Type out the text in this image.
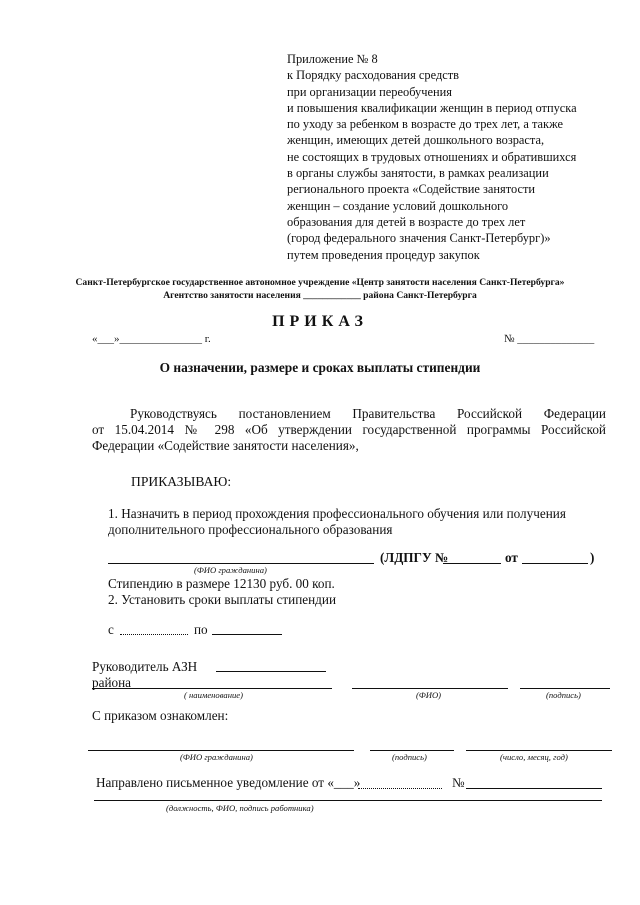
Приложение № 8
к Порядку расходования средств
при организации переобучения
и повышения квалификации женщин в период отпуска
по уходу за ребенком в возрасте до трех лет, а также
женщин, имеющих детей дошкольного возраста,
не состоящих в трудовых отношениях и обратившихся
в органы службы занятости, в рамках реализации
регионального проекта «Содействие занятости
женщин – создание условий дошкольного
образования для детей в возрасте до трех лет
(город федерального значения Санкт-Петербург)»
путем проведения процедур закупок
Санкт-Петербургское государственное автономное учреждение «Центр занятости населения Санкт-Петербурга»
Агентство занятости населения ____________ района Санкт-Петербурга
ПРИКАЗ
«___»_______________ г.	№ ______________
О назначении, размере и сроках выплаты стипендии
Руководствуясь постановлением Правительства Российской Федерации
от 15.04.2014 № 298 «Об утверждении государственной программы Российской
Федерации «Содействие занятости населения»,
ПРИКАЗЫВАЮ:
1. Назначить в период прохождения профессионального обучения или получения
дополнительного профессионального образования
(ЛДПГУ №	от	)
(ФИО гражданина)
Стипендию в размере 12130 руб. 00 коп.
2. Установить сроки выплаты стипендии
с	по
Руководитель АЗН
района
( наименование)	(ФИО)	(подпись)
С приказом ознакомлен:
(ФИО гражданина)	(подпись)	(число, месяц, год)
Направлено письменное уведомление от «___»	№
(должность, ФИО, подпись работника)
